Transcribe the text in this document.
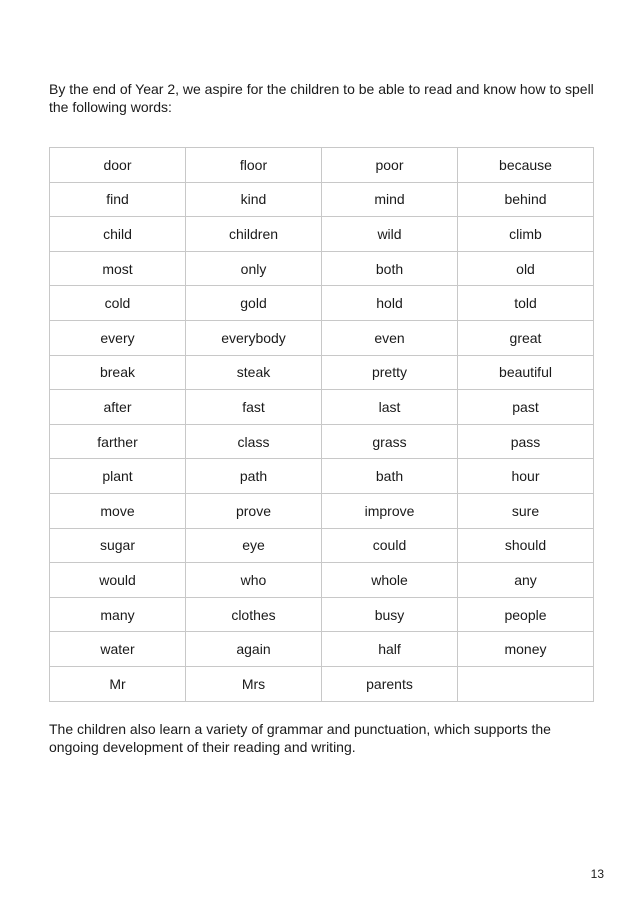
By the end of Year 2, we aspire for the children to be able to read and know how to spell the following words:

door	floor	poor	because
find	kind	mind	behind
child	children	wild	climb
most	only	both	old
cold	gold	hold	told
every	everybody	even	great
break	steak	pretty	beautiful
after	fast	last	past
farther	class	grass	pass
plant	path	bath	hour
move	prove	improve	sure
sugar	eye	could	should
would	who	whole	any
many	clothes	busy	people
water	again	half	money
Mr	Mrs	parents	

The children also learn a variety of grammar and punctuation, which supports the ongoing development of their reading and writing.

13
